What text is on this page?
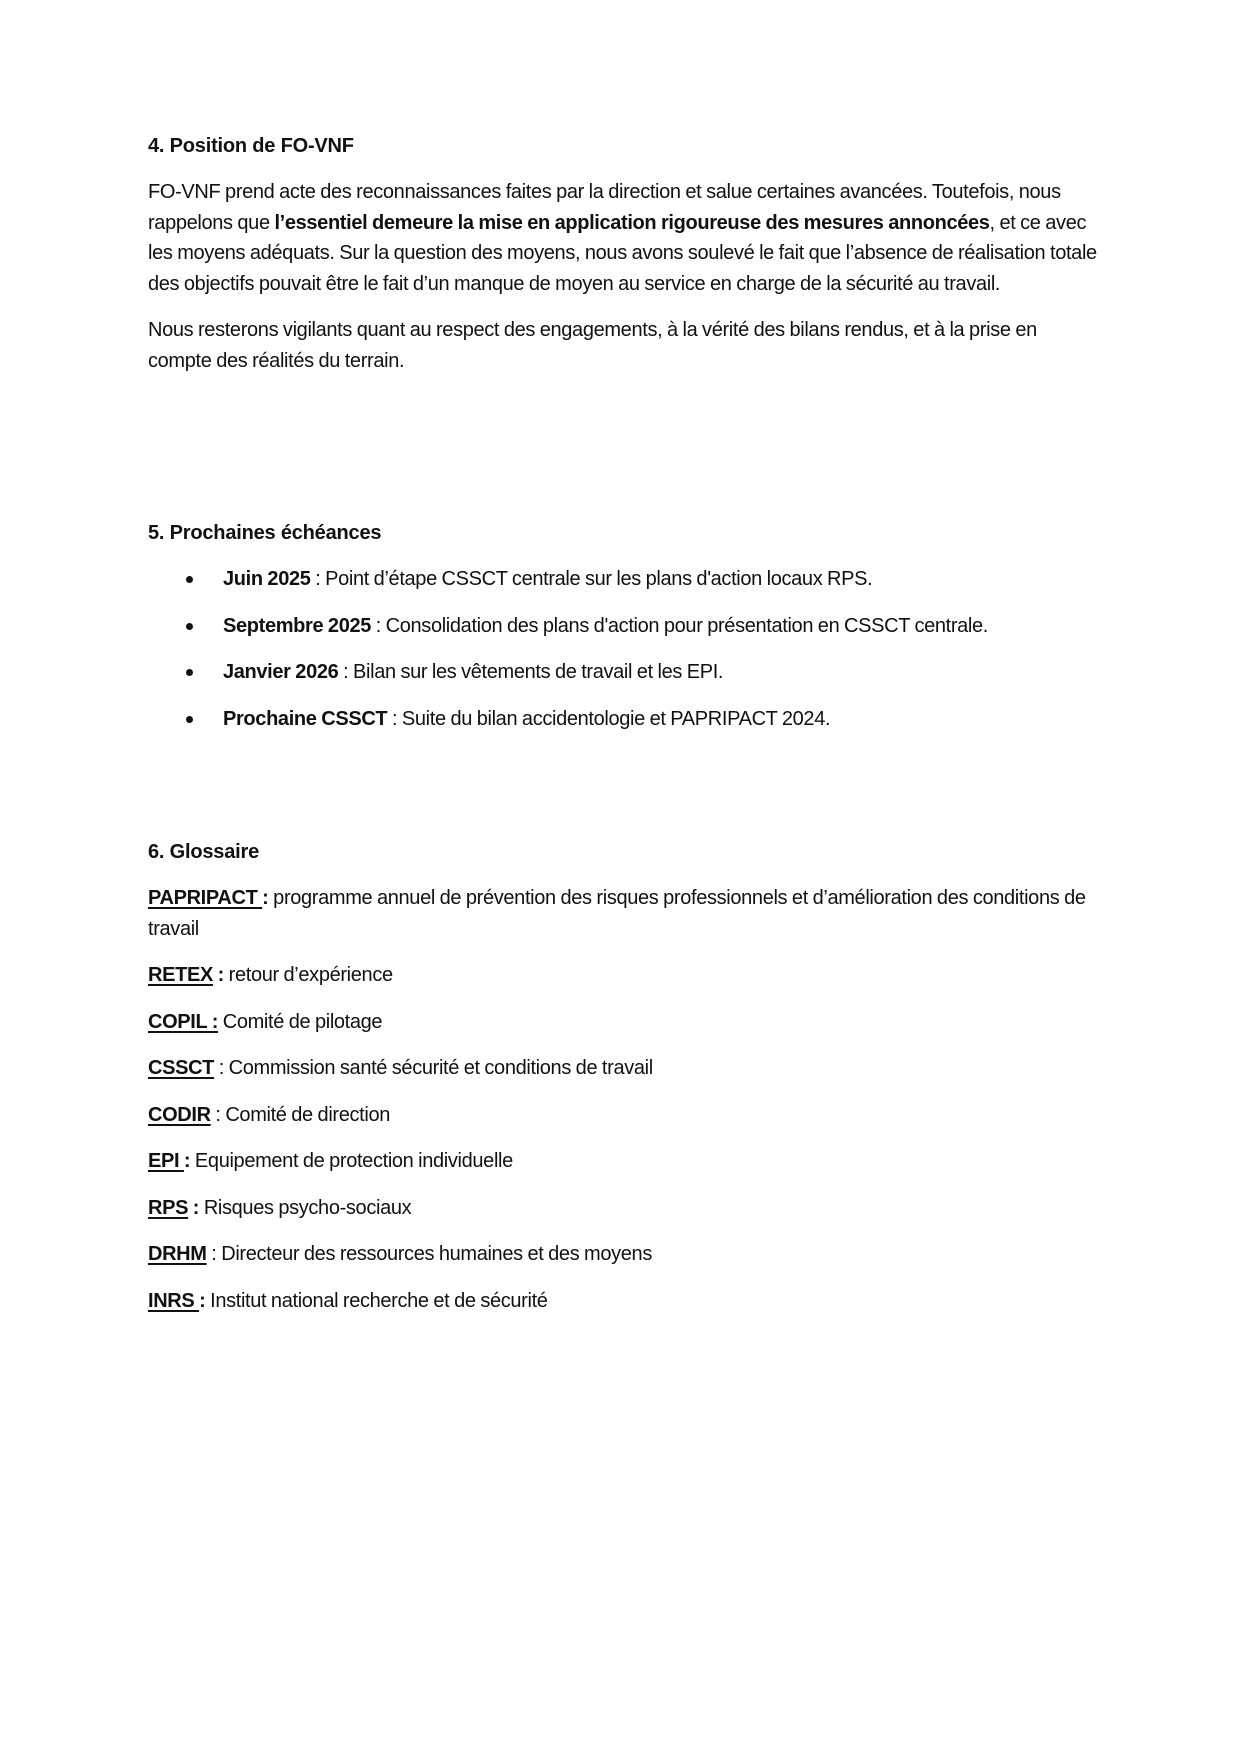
4. Position de FO-VNF

FO-VNF prend acte des reconnaissances faites par la direction et salue certaines avancées. Toutefois, nous rappelons que l’essentiel demeure la mise en application rigoureuse des mesures annoncées, et ce avec les moyens adéquats. Sur la question des moyens, nous avons soulevé le fait que l’absence de réalisation totale des objectifs pouvait être le fait d’un manque de moyen au service en charge de la sécurité au travail.

Nous resterons vigilants quant au respect des engagements, à la vérité des bilans rendus, et à la prise en compte des réalités du terrain.

5. Prochaines échéances
Juin 2025 : Point d’étape CSSCT centrale sur les plans d'action locaux RPS.
Septembre 2025 : Consolidation des plans d'action pour présentation en CSSCT centrale.
Janvier 2026 : Bilan sur les vêtements de travail et les EPI.
Prochaine CSSCT : Suite du bilan accidentologie et PAPRIPACT 2024.
6. Glossaire
PAPRIPACT : programme annuel de prévention des risques professionnels et d’amélioration des conditions de travail
RETEX : retour d’expérience
COPIL : Comité de pilotage
CSSCT : Commission santé sécurité et conditions de travail
CODIR : Comité de direction
EPI : Equipement de protection individuelle
RPS : Risques psycho-sociaux
DRHM : Directeur des ressources humaines et des moyens
INRS : Institut national recherche et de sécurité
